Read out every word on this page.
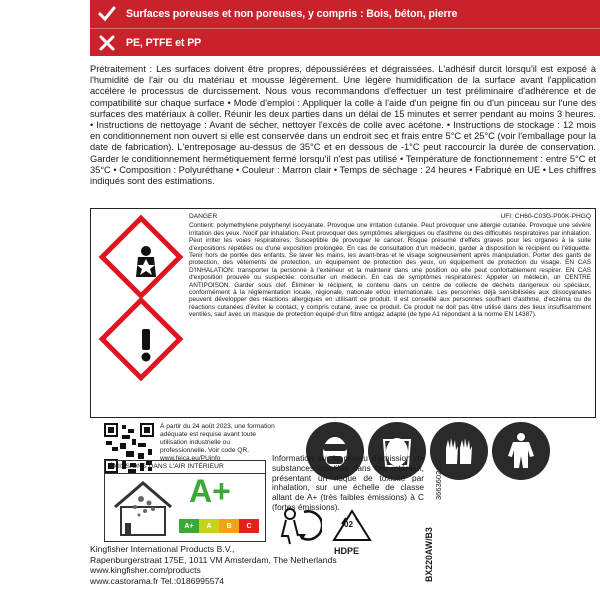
Surfaces poreuses et non poreuses, y compris : Bois, béton, pierre
PE, PTFE et PP
Prétraitement : Les surfaces doivent être propres, dépoussiérées et dégraissées. L'adhésif durcit lorsqu'il est exposé à l'humidité de l'air ou du matériau et mousse légèrement. Une légère humidification de la surface avant l'application accélère le processus de durcissement. Nous vous recommandons d'effectuer un test préliminaire d'adhérence et de compatibilité sur chaque surface • Mode d'emploi : Appliquer la colle à l'aide d'un peigne fin ou d'un pinceau sur l'une des surfaces des matériaux à coller. Réunir les deux parties dans un délai de 15 minutes et serrer pendant au moins 3 heures. • Instructions de nettoyage : Avant de sécher, nettoyer l'excès de colle avec acétone. • Instructions de stockage : 12 mois en conditionnement non ouvert si elle est conservée dans un endroit sec et frais entre 5°C et 25°C (voir l'emballage pour la date de fabrication). L'entreposage au-dessus de 35°C et en dessous de -1°C peut raccourcir la durée de conservation. Garder le conditionnement hermétiquement fermé lorsqu'il n'est pas utilisé • Température de fonctionnement : entre 5°C et 35°C • Composition : Polyuréthane • Couleur : Marron clair • Temps de séchage : 24 heures • Fabriqué en UE • Les chiffres indiqués sont des estimations.
DANGER	UFI: CH60-C03G-P00K-PHGQ
Contient: polymethylene polyphenyl isocyanate. Provoque une irritation cutanée. Peut provoquer une allergie cutanée. Provoque une sévère irritation des yeux. Nocif par inhalation. Peut provoquer des symptômes allergiques ou d'asthme ou des difficultés respiratoires par inhalation. Peut irriter les voies respiratoires. Susceptible de provoquer le cancer. Risque présumé d'effets graves pour les organes à la suite d'expositions répétées ou d'une exposition prolongée. En cas de consultation d'un médecin, garder à disposition le récipient ou l'étiquette. Tenir hors de portée des enfants. Se laver les mains, les avant-bras et le visage soigneusement après manipulation. Porter des gants de protection, des vêtements de protection, un équipement de protection des yeux, un équipement de protection du visage. EN CAS D'INHALATION: transporter la personne à l'extérieur et la maintenir dans une position où elle peut confortablement respirer. EN CAS d'exposition prouvée ou suspectée: consulter un médecin. En cas de symptômes respiratoires: Appeler un médecin, un CENTRE ANTIPOISON. Garder sous clef. Éliminer le récipient, le contenu dans un centre de collecte de déchets dangereux ou spéciaux, conformément à la réglementation locale, régionale, nationale et/ou internationale. Les personnes déjà sensibilisées aux diisocyanates peuvent développer des réactions allergiques en utilisant ce produit. Il est conseillé aux personnes souffrant d'asthme, d'eczéma ou de réactions cutanées d'éviter le contact, y compris cutané, avec ce produit. Ce produit ne doit pas être utilisé dans des lieux insuffisamment ventilés, sauf avec un masque de protection équipé d'un filtre antigaz adapté (de type A1 répondant à la norme EN 14387).
À partir du 24 août 2023, une formation adéquate est requise avant toute utilisation industrielle ou professionnelle. Voir code QR. www.feica.eu/PUinfo
ÉMISSIONS DANS L'AIR INTÉRIEUR
A+
A+	A	B	C
Information sur le niveau d'émission de substances volatiles dans l'air intérieur, présentant un risque de toxicité par inhalation, sur une échelle de classe allant de A+ (très faibles émissions) à C (fortes émissions).
02
HDPE
Kingfisher International Products B.V.,
Rapenburgerstraat 175E, 1011 VM Amsterdam, The Netherlands
www.kingfisher.com/products
www.castorama.fr Tel.:0186995574	BX220AW/B3
3663602...
